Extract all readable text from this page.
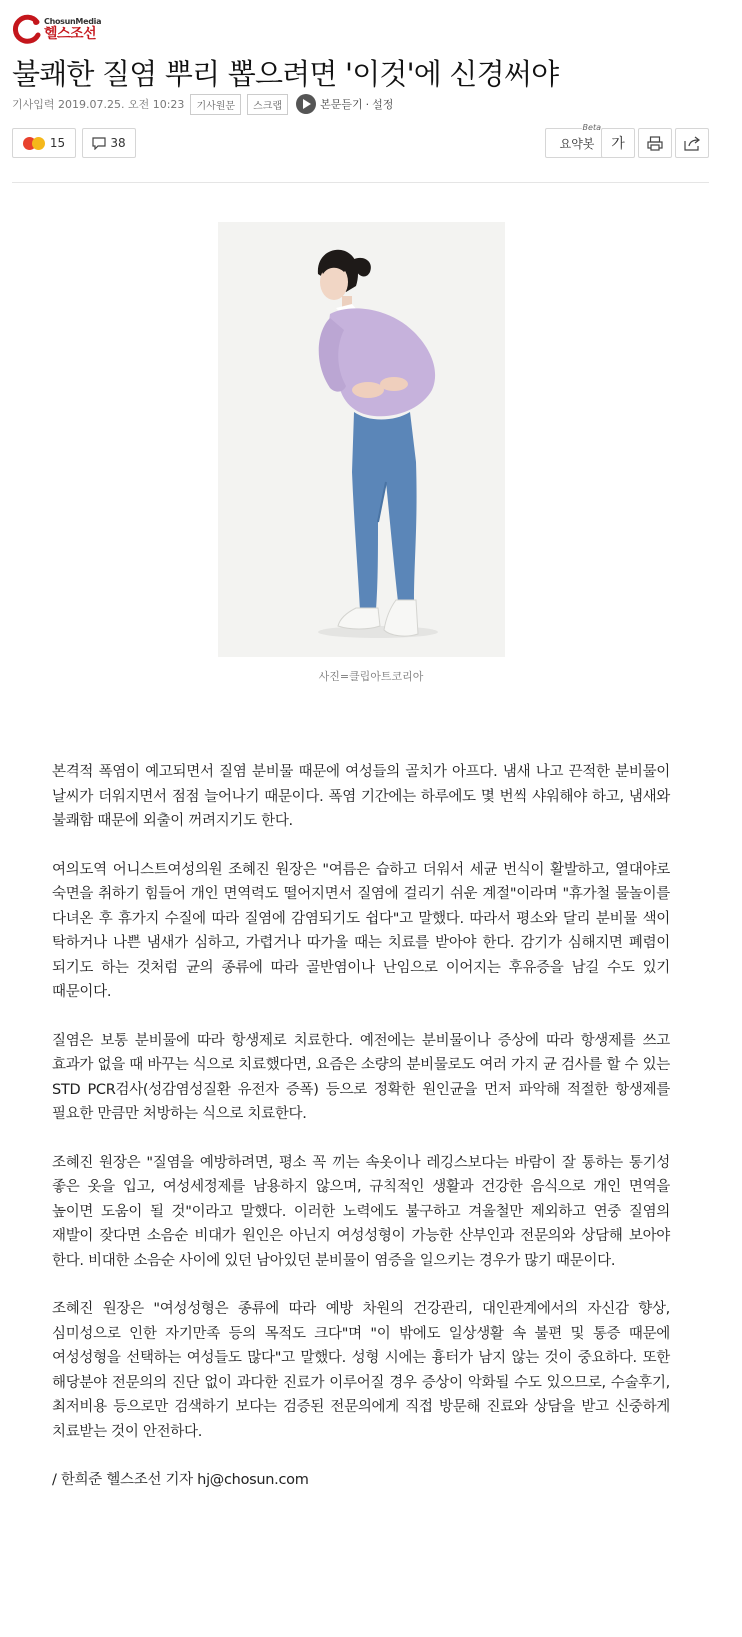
ChosunMedia
헬스조선
불쾌한 질염 뿌리 뽑으려면 '이것'에 신경써야
기사입력 2019.07.25. 오전 10:23	기사원문	스크랩	본문듣기 · 설정
15	38	요약봇
Beta
가
사진=클립아트코리아

본격적 폭염이 예고되면서 질염 분비물 때문에 여성들의 골치가 아프다. 냄새 나고 끈적한 분비물이 날씨가 더워지면서 점점 늘어나기 때문이다. 폭염 기간에는 하루에도 몇 번씩 샤워해야 하고, 냄새와 불쾌함 때문에 외출이 꺼려지기도 한다.

여의도역 어니스트여성의원 조혜진 원장은 "여름은 습하고 더워서 세균 번식이 활발하고, 열대야로 숙면을 취하기 힘들어 개인 면역력도 떨어지면서 질염에 걸리기 쉬운 계절"이라며 "휴가철 물놀이를 다녀온 후 휴가지 수질에 따라 질염에 감염되기도 쉽다"고 말했다. 따라서 평소와 달리 분비물 색이 탁하거나 나쁜 냄새가 심하고, 가렵거나 따가울 때는 치료를 받아야 한다. 감기가 심해지면 폐렴이 되기도 하는 것처럼 균의 종류에 따라 골반염이나 난임으로 이어지는 후유증을 남길 수도 있기 때문이다.

질염은 보통 분비물에 따라 항생제로 치료한다. 예전에는 분비물이나 증상에 따라 항생제를 쓰고 효과가 없을 때 바꾸는 식으로 치료했다면, 요즘은 소량의 분비물로도 여러 가지 균 검사를 할 수 있는 STD PCR검사(성감염성질환 유전자 증폭) 등으로 정확한 원인균을 먼저 파악해 적절한 항생제를 필요한 만큼만 처방하는 식으로 치료한다.

조혜진 원장은 "질염을 예방하려면, 평소 꼭 끼는 속옷이나 레깅스보다는 바람이 잘 통하는 통기성 좋은 옷을 입고, 여성세정제를 남용하지 않으며, 규칙적인 생활과 건강한 음식으로 개인 면역을 높이면 도움이 될 것"이라고 말했다. 이러한 노력에도 불구하고 겨울철만 제외하고 연중 질염의 재발이 잦다면 소음순 비대가 원인은 아닌지 여성성형이 가능한 산부인과 전문의와 상담해 보아야 한다. 비대한 소음순 사이에 있던 남아있던 분비물이 염증을 일으키는 경우가 많기 때문이다.

조혜진 원장은 "여성성형은 종류에 따라 예방 차원의 건강관리, 대인관계에서의 자신감 향상, 심미성으로 인한 자기만족 등의 목적도 크다"며 "이 밖에도 일상생활 속 불편 및 통증 때문에 여성성형을 선택하는 여성들도 많다"고 말했다. 성형 시에는 흉터가 남지 않는 것이 중요하다. 또한 해당분야 전문의의 진단 없이 과다한 진료가 이루어질 경우 증상이 악화될 수도 있으므로, 수술후기, 최저비용 등으로만 검색하기 보다는 검증된 전문의에게 직접 방문해 진료와 상담을 받고 신중하게 치료받는 것이 안전하다.

/ 한희준 헬스조선 기자 hj@chosun.com
